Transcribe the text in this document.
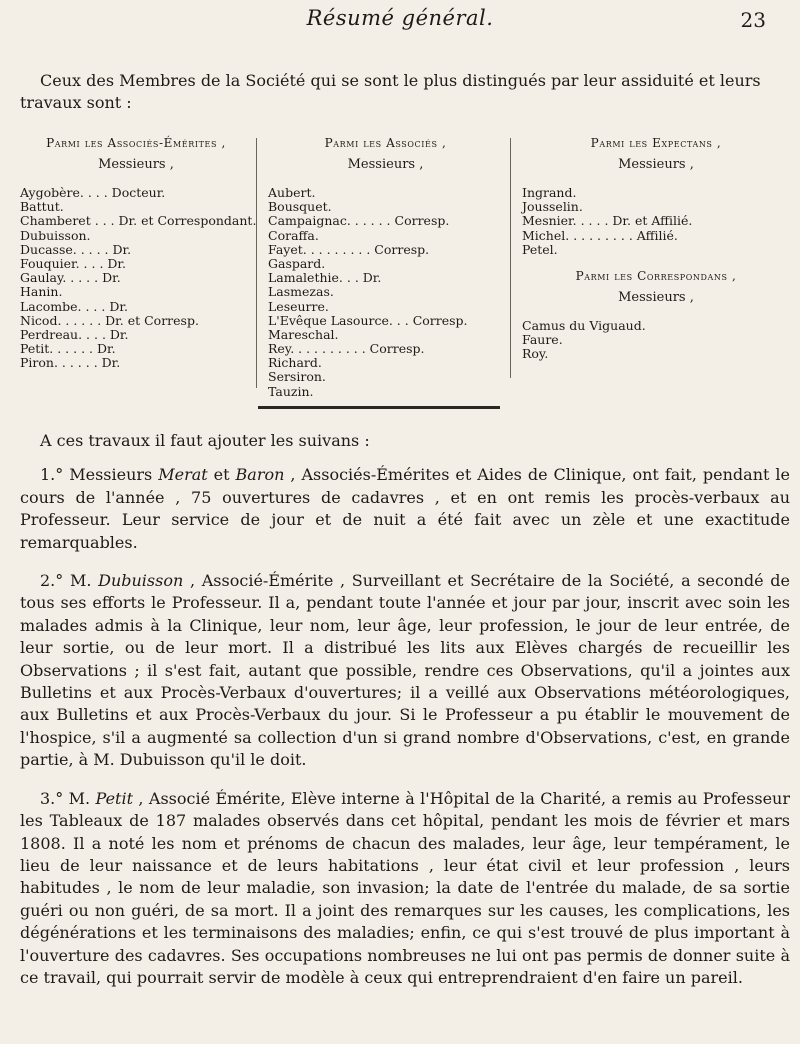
Résumé général.	23

Ceux des Membres de la Société qui se sont le plus distingués par leur assiduité et leurs travaux sont :

Parmi les Associés-Émérites ,
Messieurs ,
Aygobère. . . . Docteur.
Battut.
Chamberet . . . Dr. et Correspondant.
Dubuisson.
Ducasse. . . . . Dr.
Fouquier. . . . Dr.
Gaulay. . . . . Dr.
Hanin.
Lacombe. . . . Dr.
Nicod. . . . . . Dr. et Corresp.
Perdreau. . . . Dr.
Petit. . . . . . Dr.
Piron. . . . . . Dr.
Parmi les Associés ,
Messieurs ,
Aubert.
Bousquet.
Campaignac. . . . . . Corresp.
Coraffa.
Fayet. . . . . . . . . Corresp.
Gaspard.
Lamalethie. . . Dr.
Lasmezas.
Leseurre.
L'Evêque Lasource. . . Corresp.
Mareschal.
Rey. . . . . . . . . . Corresp.
Richard.
Sersiron.
Tauzin.
Parmi les Expectans ,
Messieurs ,
Ingrand.
Jousselin.
Mesnier. . . . . Dr. et Affilié.
Michel. . . . . . . . . Affilié.
Petel.
Parmi les Correspondans ,
Messieurs ,
Camus du Viguaud.
Faure.
Roy.

A ces travaux il faut ajouter les suivans :

1.° Messieurs Merat et Baron , Associés-Émérites et Aides de Clinique, ont fait, pendant le cours de l'année , 75 ouvertures de cadavres , et en ont remis les procès-verbaux au Professeur. Leur service de jour et de nuit a été fait avec un zèle et une exactitude remarquables.

2.° M. Dubuisson , Associé-Émérite , Surveillant et Secrétaire de la Société, a secondé de tous ses efforts le Professeur. Il a, pendant toute l'année et jour par jour, inscrit avec soin les malades admis à la Clinique, leur nom, leur âge, leur profession, le jour de leur entrée, de leur sortie, ou de leur mort. Il a distribué les lits aux Elèves chargés de recueillir les Observations ; il s'est fait, autant que possible, rendre ces Observations, qu'il a jointes aux Bulletins et aux Procès-Verbaux d'ouvertures; il a veillé aux Observations météorologiques, aux Bulletins et aux Procès-Verbaux du jour. Si le Professeur a pu établir le mouvement de l'hospice, s'il a augmenté sa collection d'un si grand nombre d'Observations, c'est, en grande partie, à M. Dubuisson qu'il le doit.

3.° M. Petit , Associé Émérite, Elève interne à l'Hôpital de la Charité, a remis au Professeur les Tableaux de 187 malades observés dans cet hôpital, pendant les mois de février et mars 1808. Il a noté les nom et prénoms de chacun des malades, leur âge, leur tempérament, le lieu de leur naissance et de leurs habitations , leur état civil et leur profession , leurs habitudes , le nom de leur maladie, son invasion; la date de l'entrée du malade, de sa sortie guéri ou non guéri, de sa mort. Il a joint des remarques sur les causes, les complications, les dégénérations et les terminaisons des maladies; enfin, ce qui s'est trouvé de plus important à l'ouverture des cadavres. Ses occupations nombreuses ne lui ont pas permis de donner suite à ce travail, qui pourrait servir de modèle à ceux qui entreprendraient d'en faire un pareil.
